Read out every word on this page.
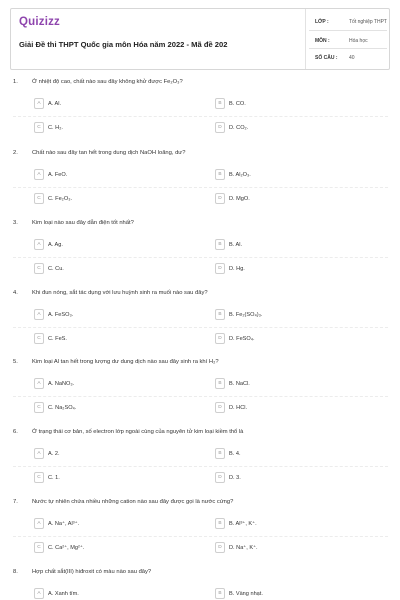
Quizizz
Giải Đề thi THPT Quốc gia môn Hóa năm 2022 - Mã đề 202
LỚP :	Tốt nghiệp THPT
MÔN :	Hóa học
SỐ CÂU : 40
1. Ở nhiệt độ cao, chất nào sau đây không khử được Fe₂O₃?
A	A. Al.	B	B. CO.
C	C. H₂.	D	D. CO₂.
2. Chất nào sau đây tan hết trong dung dịch NaOH loãng, dư?
A	A. FeO.	B	B. Al₂O₃.
C	C. Fe₂O₃.	D	D. MgO.
3. Kim loại nào sau đây dẫn điện tốt nhất?
A	A. Ag.	B	B. Al.
C	C. Cu.	D	D. Hg.
4. Khi đun nóng, sắt tác dụng với lưu huỳnh sinh ra muối nào sau đây?
A	A. FeSO₃.	B	B. Fe₂(SO₄)₃.
C	C. FeS.	D	D. FeSO₄.
5. Kim loại Al tan hết trong lượng dư dung dịch nào sau đây sinh ra khí H₂?
A	A. NaNO₃.	B	B. NaCl.
C	C. Na₂SO₄.	D	D. HCl.
6. Ở trạng thái cơ bản, số electron lớp ngoài cùng của nguyên tử kim loại kiềm thổ là
A	A. 2.	B	B. 4.
C	C. 1.	D	D. 3.
7. Nước tự nhiên chứa nhiều những cation nào sau đây được gọi là nước cứng?
A	A. Na⁺, Al³⁺.	B	B. Al³⁺, K⁺.
C	C. Ca²⁺, Mg²⁺.	D	D. Na⁺, K⁺.
8. Hợp chất sắt(III) hiđroxit có màu nào sau đây?
A	A. Xanh tím.	B	B. Vàng nhạt.
